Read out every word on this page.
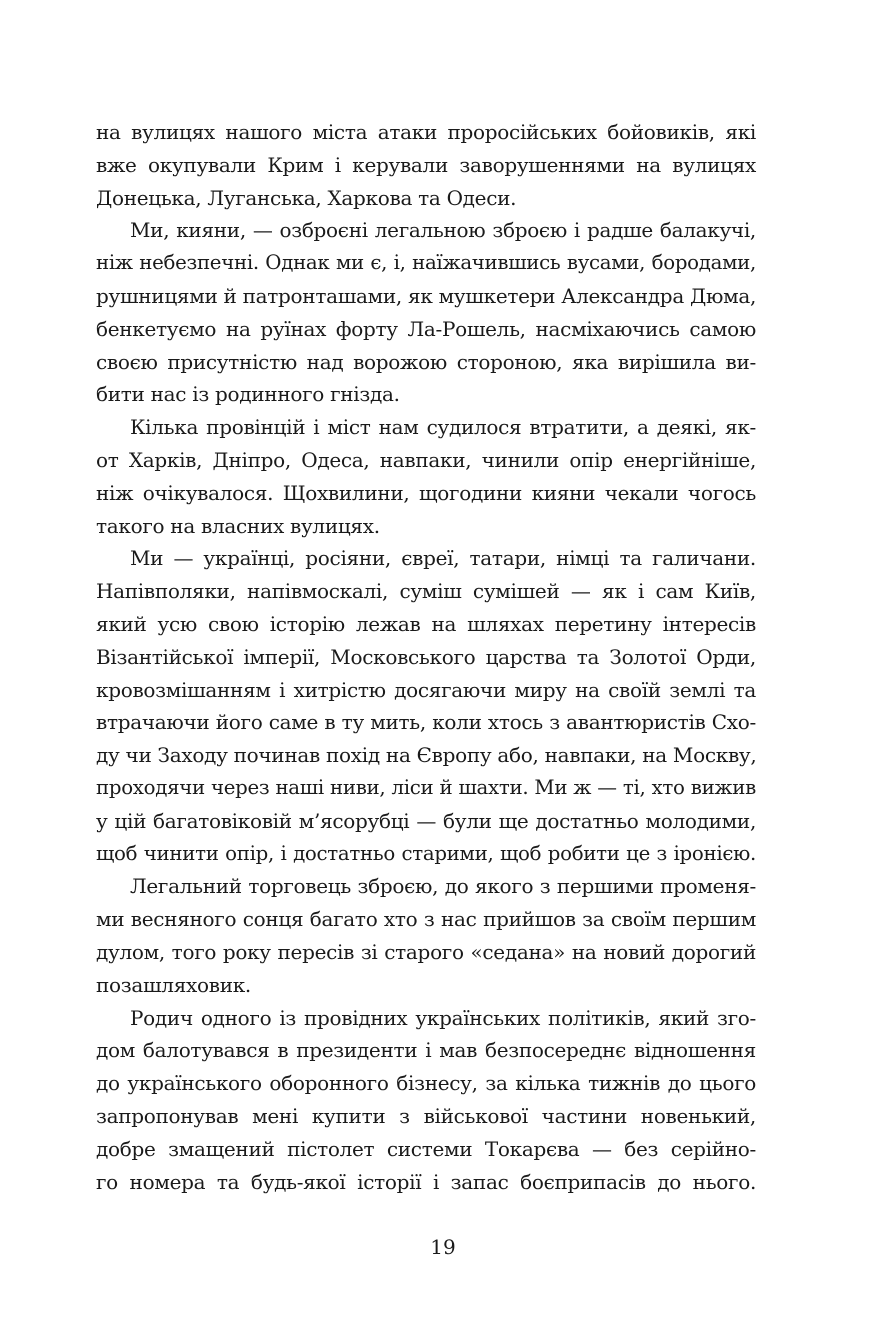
на вулицях нашого міста атаки проросійських бойовиків, які
вже окупували Крим і керували заворушеннями на вулицях
Донецька, Луганська, Харкова та Одеси.
Ми, кияни, — озброєні легальною зброєю і радше балакучі,
ніж небезпечні. Однак ми є, і, наїжачившись вусами, бородами,
рушницями й патронташами, як мушкетери Александра Дюма,
бенкетуємо на руїнах форту Ла-Рошель, насміхаючись самою
своєю присутністю над ворожою стороною, яка вирішила ви-
бити нас із родинного гнізда.
Кілька провінцій і міст нам судилося втратити, а деякі, як-
от Харків, Дніпро, Одеса, навпаки, чинили опір енергійніше,
ніж очікувалося. Щохвилини, щогодини кияни чекали чогось
такого на власних вулицях.
Ми — українці, росіяни, євреї, татари, німці та галичани.
Напівполяки, напівмоскалі, суміш сумішей — як і сам Київ,
який усю свою історію лежав на шляхах перетину інтересів
Візантійської імперії, Московського царства та Золотої Орди,
кровозмішанням і хитрістю досягаючи миру на своїй землі та
втрачаючи його саме в ту мить, коли хтось з авантюристів Схо-
ду чи Заходу починав похід на Європу або, навпаки, на Москву,
проходячи через наші ниви, ліси й шахти. Ми ж — ті, хто вижив
у цій багатовіковій м’ясорубці — були ще достатньо молодими,
щоб чинити опір, і достатньо старими, щоб робити це з іронією.
Легальний торговець зброєю, до якого з першими променя-
ми весняного сонця багато хто з нас прийшов за своїм першим
дулом, того року пересів зі старого «седана» на новий дорогий
позашляховик.
Родич одного із провідних українських політиків, який зго-
дом балотувався в президенти і мав безпосереднє відношення
до українського оборонного бізнесу, за кілька тижнів до цього
запропонував мені купити з військової частини новенький,
добре змащений пістолет системи Токарєва — без серійно-
го номера та будь-якої історії і запас боєприпасів до нього.
19
